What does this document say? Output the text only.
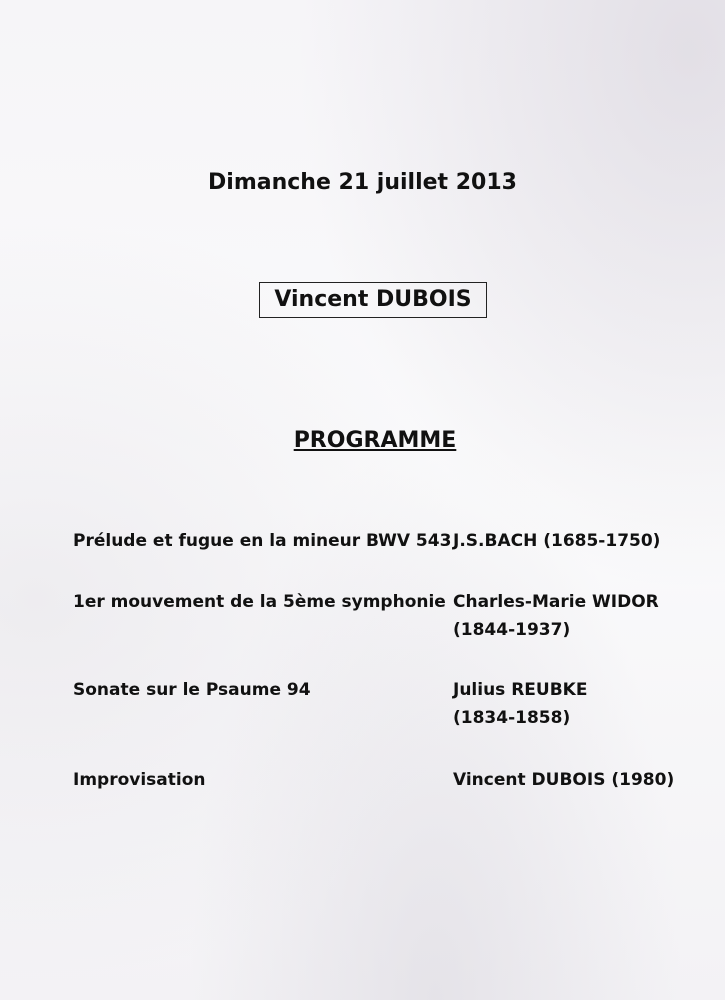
Dimanche 21 juillet 2013
Vincent DUBOIS
PROGRAMME
Prélude et fugue en la mineur BWV 543 J.S.BACH (1685-1750)
1er mouvement de la 5ème symphonie Charles-Marie WIDOR
(1844-1937)
Sonate sur le Psaume 94	Julius REUBKE
(1834-1858)
Improvisation	Vincent DUBOIS (1980)
